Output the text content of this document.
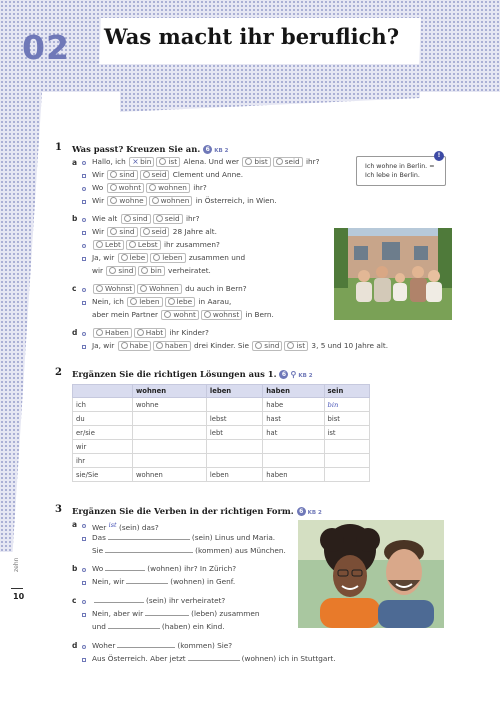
02 Was macht ihr beruflich?
zehn
10
1 Was passt? Kreuzen Sie an. 6 KB 2
Ich wohne in Berlin. =
Ich lebe in Berlin.
!
a Hallo, ich × bin ist Alena. Und wer bist seid ihr?
Wir sind seid Clement und Anne.
Wo wohnt wohnen ihr?
Wir wohne wohnen in Österreich, in Wien.
b Wie alt sind seid ihr?
Wir sind seid 28 Jahre alt.
Lebt Lebst ihr zusammen?
Ja, wir lebe leben zusammen und
wir sind bin verheiratet.
c	Wohnst Wohnen du auch in Bern?
Nein, ich leben lebe in Aarau,
aber mein Partner wohnt wohnst in Bern.
d	Haben Habt ihr Kinder?
Ja, wir habe haben drei Kinder. Sie sind ist 3, 5 und 10 Jahre alt.
2 Ergänzen Sie die richtigen Lösungen aus 1. 6 ⚲ KB 2
	wohnen	leben	haben	sein
ich	wohne		habe	bin
du		lebst	hast	bist
er/sie		lebt	hat	ist
wir				
ihr				
sie/Sie	wohnen	leben	haben	
3 Ergänzen Sie die Verben in der richtigen Form. 6 KB 2
a Wer ist (sein) das?
Das	(sein) Linus und Maria.
Sie	(kommen) aus München.
b Wo	(wohnen) ihr? In Zürich?
Nein, wir	(wohnen) in Genf.
c	(sein) ihr verheiratet?
Nein, aber wir	(leben) zusammen
und	(haben) ein Kind.
d Woher	(kommen) Sie?
Aus Österreich. Aber jetzt	(wohnen) ich in Stuttgart.
